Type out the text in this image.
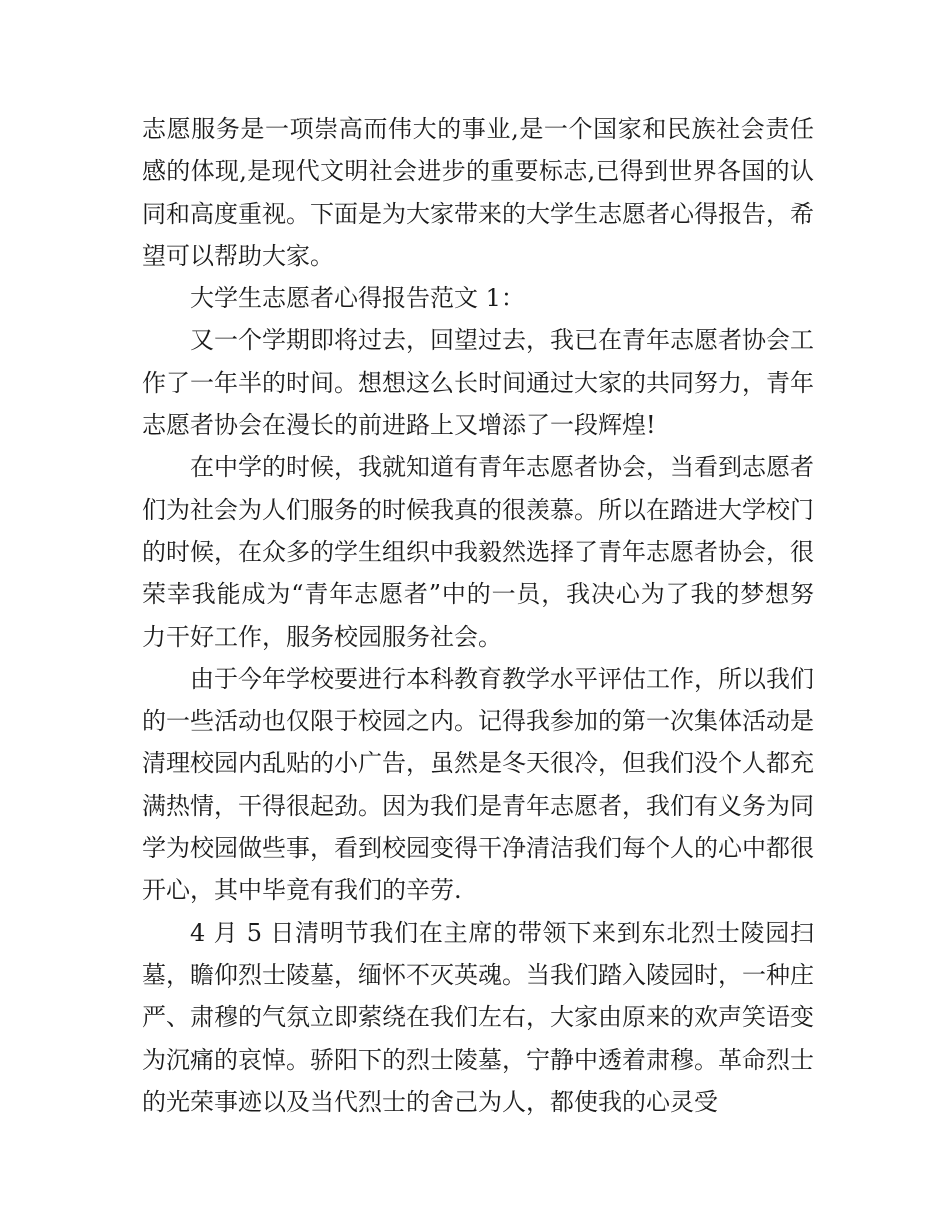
志愿服务是一项崇高而伟大的事业,是一个国家和民族社会责任感的体现,是现代文明社会进步的重要标志,已得到世界各国的认同和高度重视。下面是为大家带来的大学生志愿者心得报告，希望可以帮助大家。

大学生志愿者心得报告范文 1：

又一个学期即将过去，回望过去，我已在青年志愿者协会工作了一年半的时间。想想这么长时间通过大家的共同努力，青年志愿者协会在漫长的前进路上又增添了一段辉煌!

在中学的时候，我就知道有青年志愿者协会，当看到志愿者们为社会为人们服务的时候我真的很羡慕。所以在踏进大学校门的时候，在众多的学生组织中我毅然选择了青年志愿者协会，很荣幸我能成为“青年志愿者”中的一员，我决心为了我的梦想努力干好工作，服务校园服务社会。

由于今年学校要进行本科教育教学水平评估工作，所以我们的一些活动也仅限于校园之内。记得我参加的第一次集体活动是清理校园内乱贴的小广告，虽然是冬天很冷，但我们没个人都充满热情，干得很起劲。因为我们是青年志愿者，我们有义务为同学为校园做些事，看到校园变得干净清洁我们每个人的心中都很开心，其中毕竟有我们的辛劳.

4 月 5 日清明节我们在主席的带领下来到东北烈士陵园扫墓，瞻仰烈士陵墓，缅怀不灭英魂。当我们踏入陵园时，一种庄严、肃穆的气氛立即萦绕在我们左右，大家由原来的欢声笑语变为沉痛的哀悼。骄阳下的烈士陵墓，宁静中透着肃穆。革命烈士的光荣事迹以及当代烈士的舍己为人，都使我的心灵受
